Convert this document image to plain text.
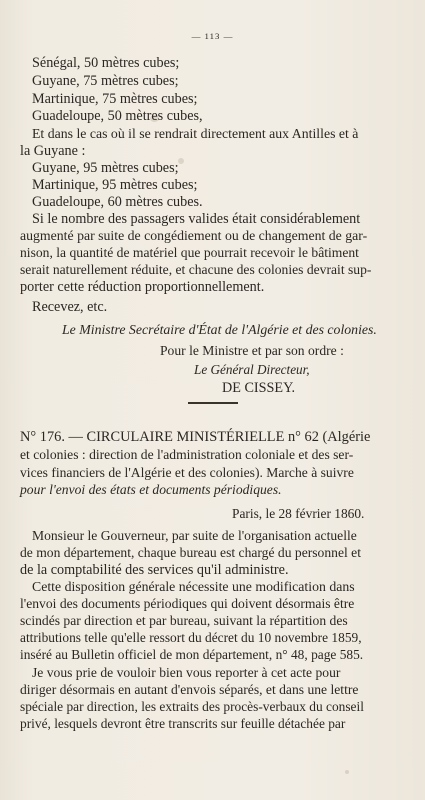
— 113 —
Sénégal, 50 mètres cubes;
Guyane, 75 mètres cubes;
Martinique, 75 mètres cubes;
Guadeloupe, 50 mètres cubes,
Et dans le cas où il se rendrait directement aux Antilles et à
la Guyane :
Guyane, 95 mètres cubes;
Martinique, 95 mètres cubes;
Guadeloupe, 60 mètres cubes.
Si le nombre des passagers valides était considérablement
augmenté par suite de congédiement ou de changement de gar-
nison, la quantité de matériel que pourrait recevoir le bâtiment
serait naturellement réduite, et chacune des colonies devrait sup-
porter cette réduction proportionnellement.
Recevez, etc.
Le Ministre Secrétaire d'État de l'Algérie et des colonies.
Pour le Ministre et par son ordre :
Le Général Directeur,
DE CISSEY.
N° 176. — CIRCULAIRE MINISTÉRIELLE n° 62 (Algérie
et colonies : direction de l'administration coloniale et des ser-
vices financiers de l'Algérie et des colonies). Marche à suivre
pour l'envoi des états et documents périodiques.
Paris, le 28 février 1860.
Monsieur le Gouverneur, par suite de l'organisation actuelle
de mon département, chaque bureau est chargé du personnel et
de la comptabilité des services qu'il administre.
Cette disposition générale nécessite une modification dans
l'envoi des documents périodiques qui doivent désormais être
scindés par direction et par bureau, suivant la répartition des
attributions telle qu'elle ressort du décret du 10 novembre 1859,
inséré au Bulletin officiel de mon département, n° 48, page 585.
Je vous prie de vouloir bien vous reporter à cet acte pour
diriger désormais en autant d'envois séparés, et dans une lettre
spéciale par direction, les extraits des procès-verbaux du conseil
privé, lesquels devront être transcrits sur feuille détachée par
